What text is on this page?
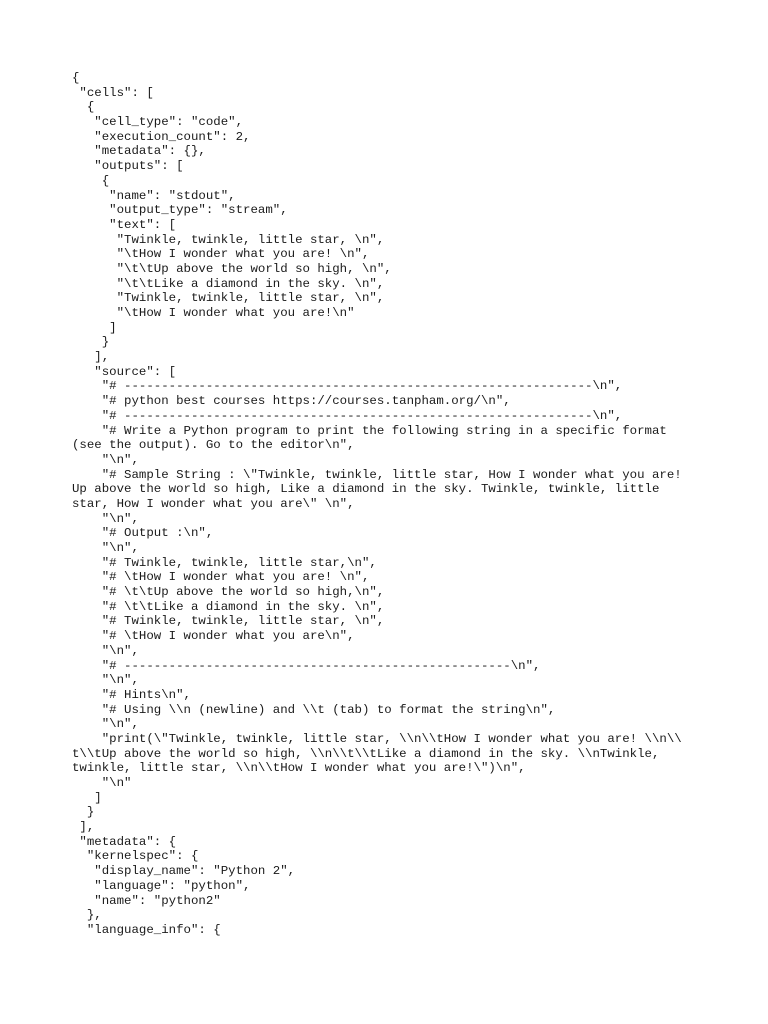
{
"cells": [
{
"cell_type": "code",
"execution_count": 2,
"metadata": {},
"outputs": [
{
"name": "stdout",
"output_type": "stream",
"text": [
"Twinkle, twinkle, little star, \n",
"\tHow I wonder what you are! \n",
"\t\tUp above the world so high, \n",
"\t\tLike a diamond in the sky. \n",
"Twinkle, twinkle, little star, \n",
"\tHow I wonder what you are!\n"
]
}
],
"source": [
"# ---------------------------------------------------------------\n",
"# python best courses https://courses.tanpham.org/\n",
"# ---------------------------------------------------------------\n",
"# Write a Python program to print the following string in a specific format
(see the output). Go to the editor\n",
"\n",
"# Sample String : \"Twinkle, twinkle, little star, How I wonder what you are!
Up above the world so high, Like a diamond in the sky. Twinkle, twinkle, little
star, How I wonder what you are\" \n",
"\n",
"# Output :\n",
"\n",
"# Twinkle, twinkle, little star,\n",
"# \tHow I wonder what you are! \n",
"# \t\tUp above the world so high,\n",
"# \t\tLike a diamond in the sky. \n",
"# Twinkle, twinkle, little star, \n",
"# \tHow I wonder what you are\n",
"\n",
"# ----------------------------------------------------\n",
"\n",
"# Hints\n",
"# Using \\n (newline) and \\t (tab) to format the string\n",
"\n",
"print(\"Twinkle, twinkle, little star, \\n\\tHow I wonder what you are! \\n\\
t\\tUp above the world so high, \\n\\t\\tLike a diamond in the sky. \\nTwinkle,
twinkle, little star, \\n\\tHow I wonder what you are!\")\n",
"\n"
]
}
],
"metadata": {
"kernelspec": {
"display_name": "Python 2",
"language": "python",
"name": "python2"
},
"language_info": {
